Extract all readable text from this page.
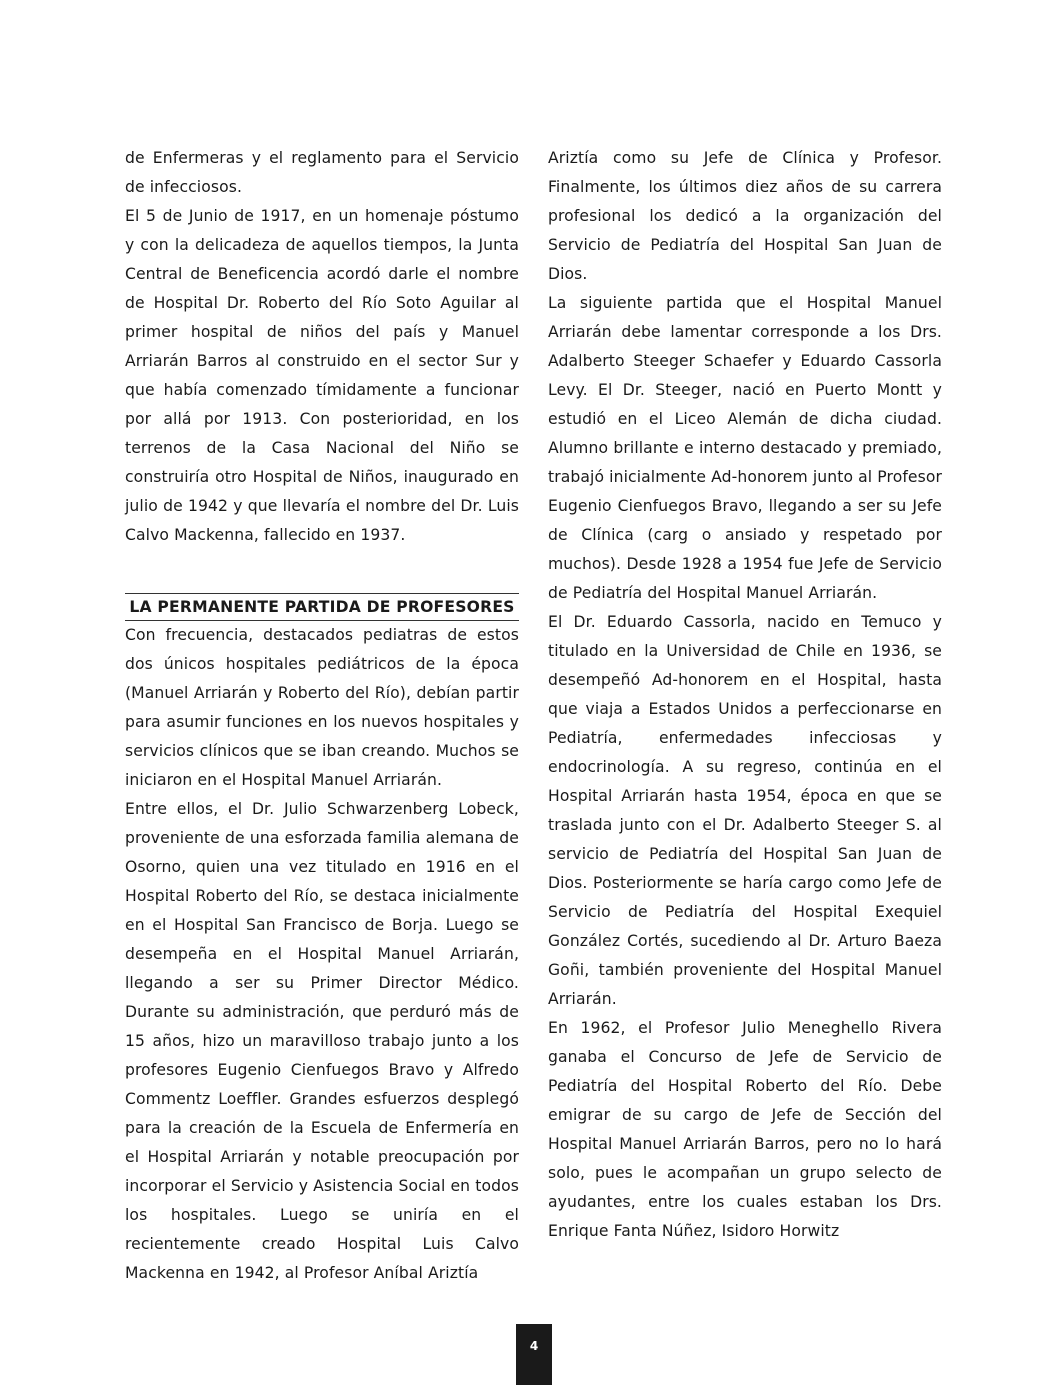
de Enfermeras y el reglamento para el Servicio de infecciosos.

El 5 de Junio de 1917, en un homenaje póstumo y con la delicadeza de aquellos tiempos, la Junta Central de Beneficencia acordó darle el nombre de Hospital Dr. Roberto del Río Soto Aguilar al primer hospital de niños del país y Manuel Arriarán Barros al construido en el sector Sur y que había comenzado tímidamente a funcionar por allá por 1913. Con posterioridad, en los terrenos de la Casa Nacional del Niño se construiría otro Hospital de Niños, inaugurado en julio de 1942 y que llevaría el nombre del Dr. Luis Calvo Mackenna, fallecido en 1937.

LA PERMANENTE PARTIDA DE PROFESORES

Con frecuencia, destacados pediatras de estos dos únicos hospitales pediátricos de la época (Manuel Arriarán y Roberto del Río), debían partir para asumir funciones en los nuevos hospitales y servicios clínicos que se iban creando. Muchos se iniciaron en el Hospital Manuel Arriarán.

Entre ellos, el Dr. Julio Schwarzenberg Lobeck, proveniente de una esforzada familia alemana de Osorno, quien una vez titulado en 1916 en el Hospital Roberto del Río, se destaca inicialmente en el Hospital San Francisco de Borja. Luego se desempeña en el Hospital Manuel Arriarán, llegando a ser su Primer Director Médico. Durante su administración, que perduró más de 15 años, hizo un maravilloso trabajo junto a los profesores Eugenio Cienfuegos Bravo y Alfredo Commentz Loeffler. Grandes esfuerzos desplegó para la creación de la Escuela de Enfermería en el Hospital Arriarán y notable preocupación por incorporar el Servicio y Asistencia Social en todos los hospitales. Luego se uniría en el recientemente creado Hospital Luis Calvo Mackenna en 1942, al Profesor Aníbal Ariztía

Ariztía como su Jefe de Clínica y Profesor. Finalmente, los últimos diez años de su carrera profesional los dedicó a la organización del Servicio de Pediatría del Hospital San Juan de Dios.

La siguiente partida que el Hospital Manuel Arriarán debe lamentar corresponde a los Drs. Adalberto Steeger Schaefer y Eduardo Cassorla Levy. El Dr. Steeger, nació en Puerto Montt y estudió en el Liceo Alemán de dicha ciudad. Alumno brillante e interno destacado y premiado, trabajó inicialmente Ad-honorem junto al Profesor Eugenio Cienfuegos Bravo, llegando a ser su Jefe de Clínica (carg o ansiado y respetado por muchos). Desde 1928 a 1954 fue Jefe de Servicio de Pediatría del Hospital Manuel Arriarán.

El Dr. Eduardo Cassorla, nacido en Temuco y titulado en la Universidad de Chile en 1936, se desempeñó Ad-honorem en el Hospital, hasta que viaja a Estados Unidos a perfeccionarse en Pediatría, enfermedades infecciosas y endocrinología. A su regreso, continúa en el Hospital Arriarán hasta 1954, época en que se traslada junto con el Dr. Adalberto Steeger S. al servicio de Pediatría del Hospital San Juan de Dios. Posteriormente se haría cargo como Jefe de Servicio de Pediatría del Hospital Exequiel González Cortés, sucediendo al Dr. Arturo Baeza Goñi, también proveniente del Hospital Manuel Arriarán.

En 1962, el Profesor Julio Meneghello Rivera ganaba el Concurso de Jefe de Servicio de Pediatría del Hospital Roberto del Río. Debe emigrar de su cargo de Jefe de Sección del Hospital Manuel Arriarán Barros, pero no lo hará solo, pues le acompañan un grupo selecto de ayudantes, entre los cuales estaban los Drs. Enrique Fanta Núñez, Isidoro Horwitz

4
